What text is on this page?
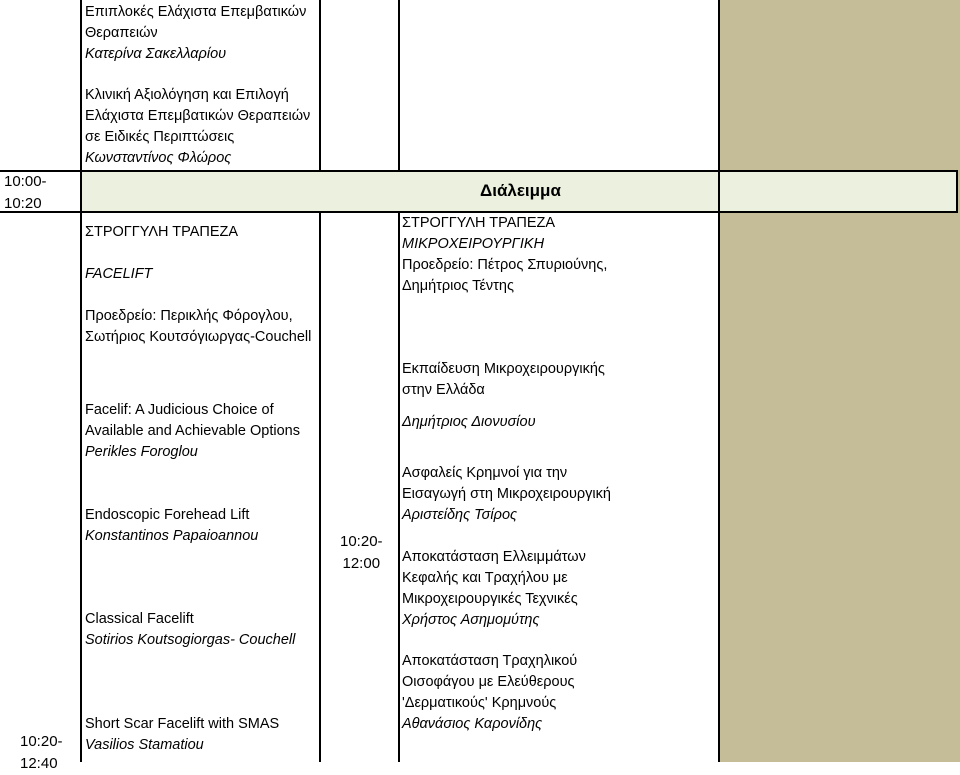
10:00-
10:20
10:20-
12:40
Επιπλοκές Ελάχιστα Επεμβατικών
Θεραπειών
Κατερίνα Σακελλαρίου
Κλινική Αξιολόγηση και Επιλογή
Ελάχιστα Επεμβατικών Θεραπειών
σε Ειδικές Περιπτώσεις
Κωνσταντίνος Φλώρος
ΣΤΡΟΓΓΥΛΗ ΤΡΑΠΕΖΑ
FACELIFT
Προεδρείο: Περικλής Φόρογλου,
Σωτήριος Κουτσόγιωργας-Couchell
Facelif: A Judicious Choice of
Available and Achievable Options
Perikles Foroglou
Endoscopic Forehead Lift
Konstantinos Papaioannou
Classical Facelift
Sotirios Koutsogiorgas- Couchell
Short Scar Facelift with SMAS
Vasilios Stamatiou
Διάλειμμα
10:20-
12:00
ΣΤΡΟΓΓΥΛΗ ΤΡΑΠΕΖΑ
ΜΙΚΡΟΧΕΙΡΟΥΡΓΙΚΗ
Προεδρείο: Πέτρος Σπυριούνης,
Δημήτριος Τέντης
Εκπαίδευση Μικροχειρουργικής
στην Ελλάδα
Δημήτριος Διονυσίου
Ασφαλείς Κρημνοί για την
Εισαγωγή στη Μικροχειρουργική
Αριστείδης Τσίρος
Αποκατάσταση Ελλειμμάτων
Κεφαλής και Τραχήλου με
Μικροχειρουργικές Τεχνικές
Χρήστος Ασημομύτης
Αποκατάσταση Τραχηλικού
Οισοφάγου με Ελεύθερους
'Δερματικούς' Κρημνούς
Αθανάσιος Καρονίδης
